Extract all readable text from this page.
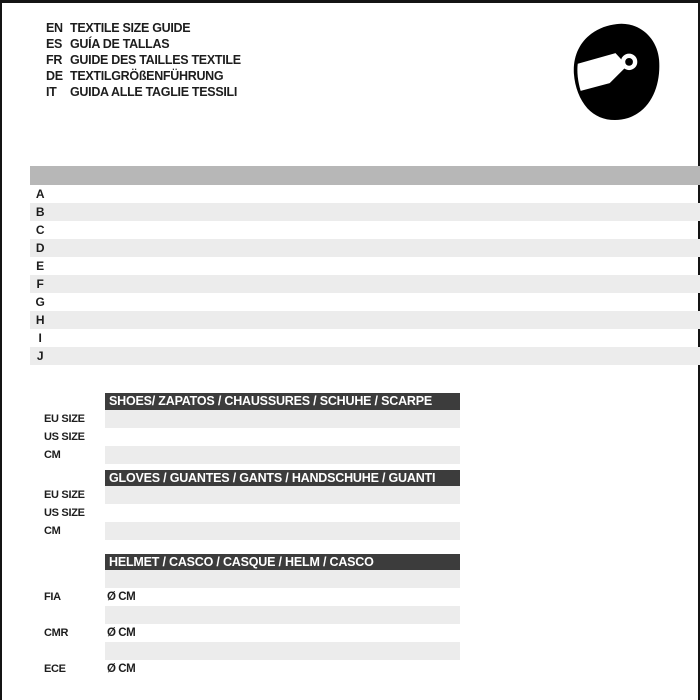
EN TEXTILE SIZE GUIDE
ES GUÍA DE TALLAS
FR GUIDE DES TAILLES TEXTILE
DE TEXTILGRÖßENFÜHRUNG
IT	GUIDA ALLE TAGLIE TESSILI
A
B
C
D
E
F
G
H
I
J
SHOES/ ZAPATOS / CHAUSSURES / SCHUHE / SCARPE
EU SIZE
US SIZE
CM
GLOVES / GUANTES / GANTS / HANDSCHUHE / GUANTI
EU SIZE
US SIZE
CM
HELMET / CASCO / CASQUE / HELM / CASCO
FIA	Ø CM
CMR	Ø CM
ECE	Ø CM
